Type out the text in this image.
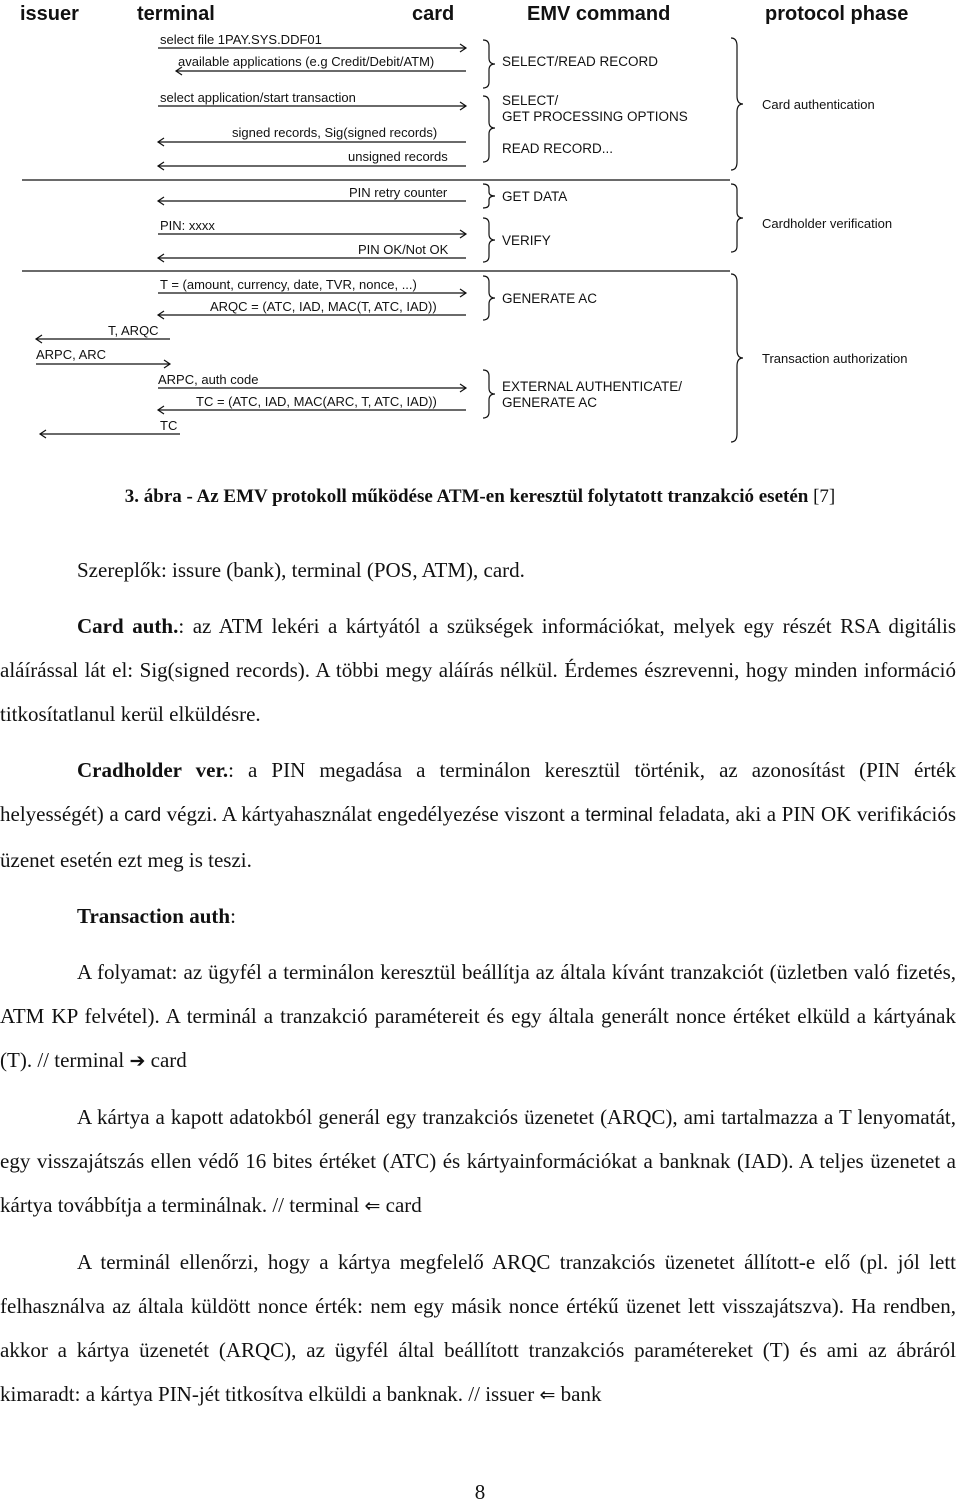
issuer	terminal	card	EMV command	protocol phase
select file 1PAY.SYS.DDF01
available applications (e.g Credit/Debit/ATM)
select application/start transaction
signed records, Sig(signed records)
unsigned records
PIN retry counter
PIN: xxxx
PIN OK/Not OK
T = (amount, currency, date, TVR, nonce, ...)
ARQC = (ATC, IAD, MAC(T, ATC, IAD))
T, ARQC
ARPC, ARC
ARPC, auth code
TC = (ATC, IAD, MAC(ARC, T, ATC, IAD))
TC
SELECT/READ RECORD
SELECT/
GET PROCESSING OPTIONS
READ RECORD...
GET DATA
VERIFY
GENERATE AC
EXTERNAL AUTHENTICATE/
GENERATE AC
Card authentication
Cardholder verification
Transaction authorization
3. ábra - Az EMV protokoll működése ATM-en keresztül folytatott tranzakció esetén [7]

Szereplők: issure (bank), terminal (POS, ATM), card.

Card auth.: az ATM lekéri a kártyától a szükségek információkat, melyek egy részét RSA digitális aláírással lát el: Sig(signed records). A többi megy aláírás nélkül. Érdemes észrevenni, hogy minden információ titkosítatlanul kerül elküldésre.

Cradholder ver.: a PIN megadása a terminálon keresztül történik, az azonosítást (PIN érték helyességét) a card végzi. A kártyahasználat engedélyezése viszont a terminal feladata, aki a PIN OK verifikációs üzenet esetén ezt meg is teszi.

Transaction auth:

A folyamat: az ügyfél a terminálon keresztül beállítja az általa kívánt tranzakciót (üzletben való fizetés, ATM KP felvétel). A terminál a tranzakció paramétereit és egy általa generált nonce értéket elküld a kártyának (T). // terminal ➔ card

A kártya a kapott adatokból generál egy tranzakciós üzenetet (ARQC), ami tartalmazza a T lenyomatát, egy visszajátszás ellen védő 16 bites értéket (ATC) és kártyainformációkat a banknak (IAD). A teljes üzenetet a kártya továbbítja a terminálnak. // terminal ⇐ card

A terminál ellenőrzi, hogy a kártya megfelelő ARQC tranzakciós üzenetet állított-e elő (pl. jól lett felhasználva az általa küldött nonce érték: nem egy másik nonce értékű üzenet lett visszajátszva). Ha rendben, akkor a kártya üzenetét (ARQC), az ügyfél által beállított tranzakciós paramétereket (T) és ami az ábráról kimaradt: a kártya PIN-jét titkosítva elküldi a banknak. // issuer ⇐ bank

8
